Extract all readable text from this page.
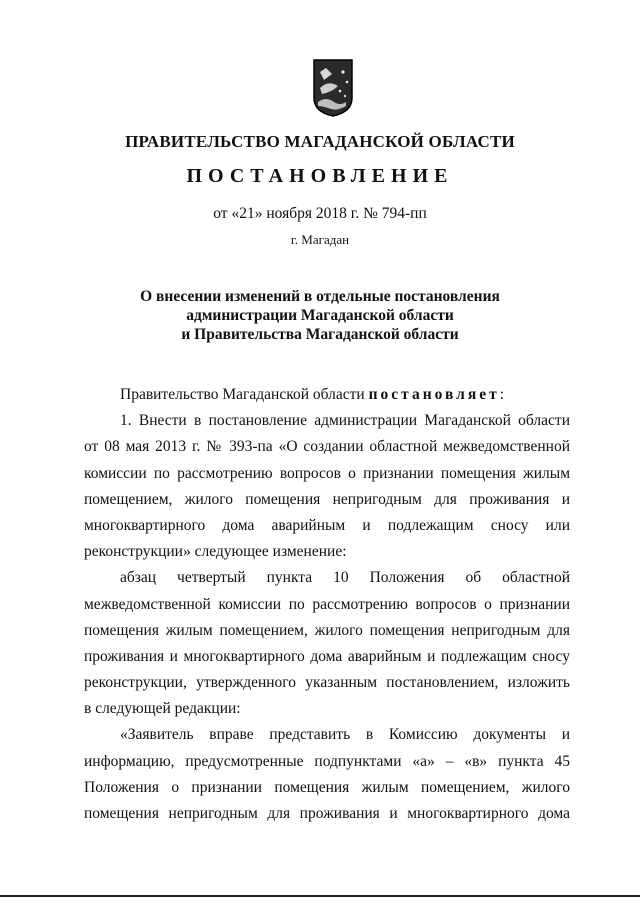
ПРАВИТЕЛЬСТВО МАГАДАНСКОЙ ОБЛАСТИ
ПОСТАНОВЛЕНИЕ
от «21» ноября 2018 г. № 794-пп
г. Магадан
О внесении изменений в отдельные постановления
администрации Магаданской области
и Правительства Магаданской области
Правительство Магаданской области постановляет:
1. Внести в постановление администрации Магаданской области
от 08 мая 2013 г. № 393-па «О создании областной межведомственной
комиссии по рассмотрению вопросов о признании помещения жилым
помещением, жилого помещения непригодным для проживания и
многоквартирного дома аварийным и подлежащим сносу или
реконструкции» следующее изменение:
абзац четвертый пункта 10 Положения об областной
межведомственной комиссии по рассмотрению вопросов о признании
помещения жилым помещением, жилого помещения непригодным для
проживания и многоквартирного дома аварийным и подлежащим сносу
реконструкции, утвержденного указанным постановлением, изложить
в следующей редакции:
«Заявитель вправе представить в Комиссию документы и
информацию, предусмотренные подпунктами «а» – «в» пункта 45
Положения о признании помещения жилым помещением, жилого
помещения непригодным для проживания и многоквартирного дома
